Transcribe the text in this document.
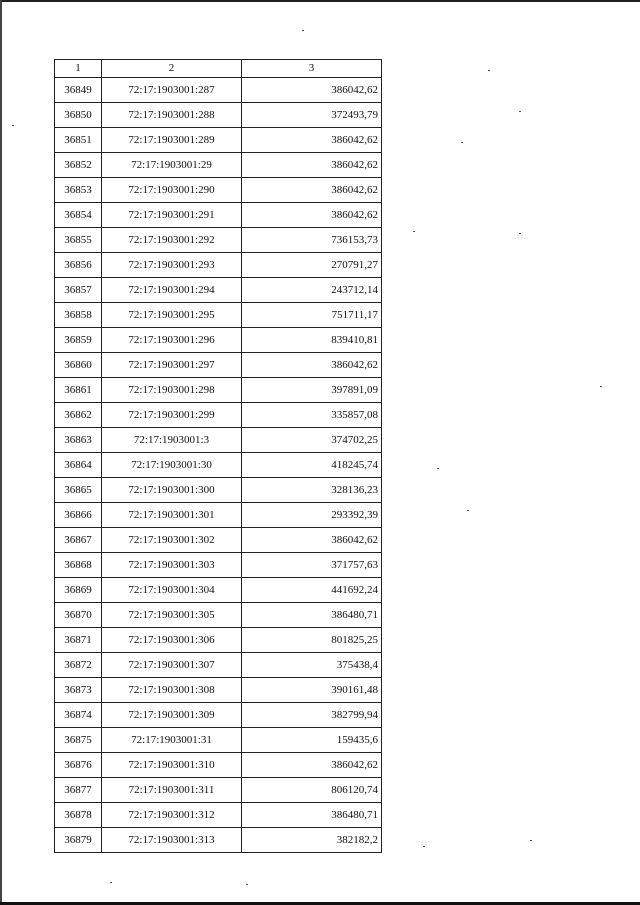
1	2	3
36849	72:17:1903001:287	386042,62
36850	72:17:1903001:288	372493,79
36851	72:17:1903001:289	386042,62
36852	72:17:1903001:29	386042,62
36853	72:17:1903001:290	386042,62
36854	72:17:1903001:291	386042,62
36855	72:17:1903001:292	736153,73
36856	72:17:1903001:293	270791,27
36857	72:17:1903001:294	243712,14
36858	72:17:1903001:295	751711,17
36859	72:17:1903001:296	839410,81
36860	72:17:1903001:297	386042,62
36861	72:17:1903001:298	397891,09
36862	72:17:1903001:299	335857,08
36863	72:17:1903001:3	374702,25
36864	72:17:1903001:30	418245,74
36865	72:17:1903001:300	328136,23
36866	72:17:1903001:301	293392,39
36867	72:17:1903001:302	386042,62
36868	72:17:1903001:303	371757,63
36869	72:17:1903001:304	441692,24
36870	72:17:1903001:305	386480,71
36871	72:17:1903001:306	801825,25
36872	72:17:1903001:307	375438,4
36873	72:17:1903001:308	390161,48
36874	72:17:1903001:309	382799,94
36875	72:17:1903001:31	159435,6
36876	72:17:1903001:310	386042,62
36877	72:17:1903001:311	806120,74
36878	72:17:1903001:312	386480,71
36879	72:17:1903001:313	382182,2
